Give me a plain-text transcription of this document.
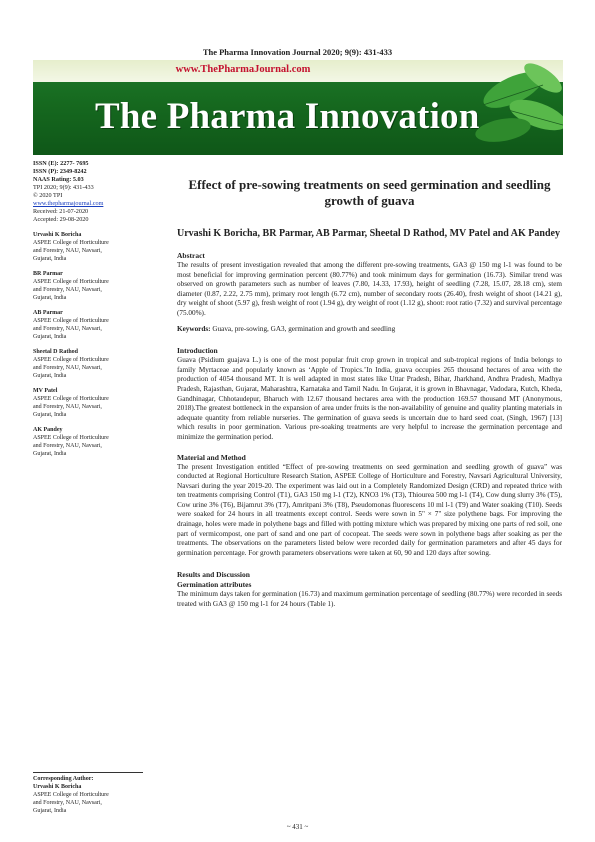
The Pharma Innovation Journal 2020; 9(9): 431-433
www.ThePharmaJournal.com
The Pharma Innovation
ISSN (E): 2277- 7695
ISSN (P): 2349-8242
NAAS Rating: 5.03
TPI 2020; 9(9): 431-433
© 2020 TPI
www.thepharmajournal.com
Received: 21-07-2020
Accepted: 29-08-2020
Urvashi K Boricha
ASPEE College of Horticulture
and Forestry, NAU, Navsari,
Gujarat, India
BR Parmar
ASPEE College of Horticulture
and Forestry, NAU, Navsari,
Gujarat, India
AB Parmar
ASPEE College of Horticulture
and Forestry, NAU, Navsari,
Gujarat, India
Sheetal D Rathod
ASPEE College of Horticulture
and Forestry, NAU, Navsari,
Gujarat, India
MV Patel
ASPEE College of Horticulture
and Forestry, NAU, Navsari,
Gujarat, India
AK Pandey
ASPEE College of Horticulture
and Forestry, NAU, Navsari,
Gujarat, India
Corresponding Author:
Urvashi K Boricha
ASPEE College of Horticulture
and Forestry, NAU, Navsari,
Gujarat, India
Effect of pre-sowing treatments on seed germination and seedling growth of guava
Urvashi K Boricha, BR Parmar, AB Parmar, Sheetal D Rathod, MV Patel and AK Pandey
Abstract
The results of present investigation revealed that among the different pre-sowing treatments, GA3 @ 150 mg l-1 was found to be most beneficial for improving germination percent (80.77%) and took minimum days for germination (16.73). Similar trend was observed on growth parameters such as number of leaves (7.80, 14.33, 17.93), height of seedling (7.28, 15.07, 28.18 cm), stem diameter (0.87, 2.22, 2.75 mm), primary root length (6.72 cm), number of secondary roots (26.40), fresh weight of shoot (14.21 g), dry weight of shoot (5.97 g), fresh weight of root (1.94 g), dry weight of root (1.12 g), shoot: root ratio (7.32) and survival percentage (75.00%).
Keywords: Guava, pre-sowing, GA3, germination and growth and seedling
Introduction
Guava (Psidium guajava L.) is one of the most popular fruit crop grown in tropical and sub-tropical regions of India belongs to family Myrtaceae and popularly known as ‘Apple of Tropics.’In India, guava occupies 265 thousand hectares of area with the production of 4054 thousand MT. It is well adapted in most states like Uttar Pradesh, Bihar, Jharkhand, Andhra Pradesh, Madhya Pradesh, Rajasthan, Gujarat, Maharashtra, Karnataka and Tamil Nadu. In Gujarat, it is grown in Bhavnagar, Vadodara, Kutch, Kheda, Gandhinagar, Chhotaudepur, Bharuch with 12.67 thousand hectares area with the production 169.57 thousand MT (Anonymous, 2018).The greatest bottleneck in the expansion of area under fruits is the non-availability of genuine and quality planting materials in adequate quantity from reliable nurseries. The germination of guava seeds is uncertain due to hard seed coat, (Singh, 1967) [13] which results in poor germination. Various pre-soaking treatments are very helpful to increase the germination percentage and minimize the germination period.
Material and Method
The present Investigation entitled “Effect of pre-sowing treatments on seed germination and seedling growth of guava” was conducted at Regional Horticulture Research Station, ASPEE College of Horticulture and Forestry, Navsari Agricultural University, Navsari during the year 2019-20. The experiment was laid out in a Completely Randomized Design (CRD) and repeated thrice with ten treatments comprising Control (T1), GA3 150 mg l-1 (T2), KNO3 1% (T3), Thiourea 500 mg l-1 (T4), Cow dung slurry 3% (T5), Cow urine 3% (T6), Bijamrut 3% (T7), Amritpani 3% (T8), Pseudomonas fluorescens 10 ml l-1 (T9) and Water soaking (T10). Seeds were soaked for 24 hours in all treatments except control. Seeds were sown in 5" × 7" size polythene bags. For improving the drainage, holes were made in polythene bags and filled with potting mixture which was prepared by mixing one parts of red soil, one part of vermicompost, one part of sand and one part of cocopeat. The seeds were sown in polythene bags after soaking as per the treatments. The observations on the parameters listed below were recorded daily for germination parameters and after 45 days for germination percentage. For growth parameters observations were taken at 60, 90 and 120 days after sowing.
Results and Discussion
Germination attributes
The minimum days taken for germination (16.73) and maximum germination percentage of seedling (80.77%) were recorded in seeds treated with GA3 @ 150 mg l-1 for 24 hours (Table 1).
~ 431 ~
